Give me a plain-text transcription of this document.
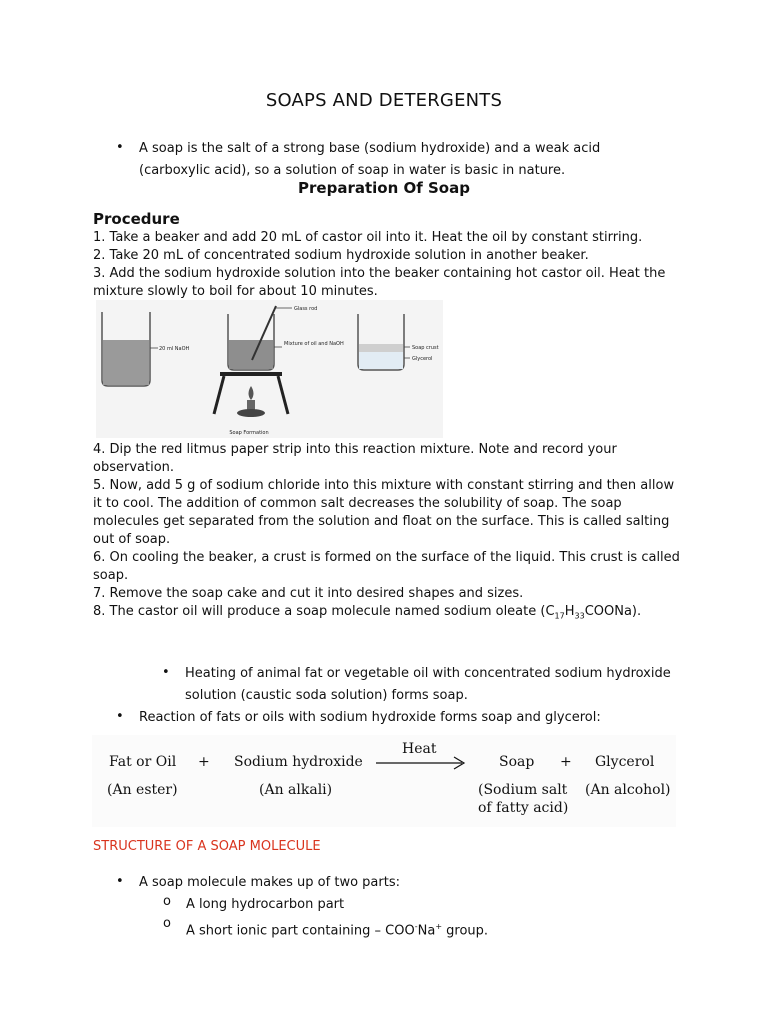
SOAPS AND DETERGENTS
• A soap is the salt of a strong base (sodium hydroxide) and a weak acid (carboxylic acid), so a solution of soap in water is basic in nature.
Preparation Of Soap
Procedure

1. Take a beaker and add 20 mL of castor oil into it. Heat the oil by constant stirring.

2. Take 20 mL of concentrated sodium hydroxide solution in another beaker.

3. Add the sodium hydroxide solution into the beaker containing hot castor oil. Heat the mixture slowly to boil for about 10 minutes.

20 ml NaOH
Glass rod
Mixture of oil and NaOH
Soap Formation
Soap crust
Glycerol

4. Dip the red litmus paper strip into this reaction mixture. Note and record your observation.

5. Now, add 5 g of sodium chloride into this mixture with constant stirring and then allow it to cool. The addition of common salt decreases the solubility of soap. The soap molecules get separated from the solution and float on the surface. This is called salting out of soap.

6. On cooling the beaker, a crust is formed on the surface of the liquid. This crust is called soap.

7. Remove the soap cake and cut it into desired shapes and sizes.

8. The castor oil will produce a soap molecule named sodium oleate $(C_{17}H_{33}COONa)$.

• Heating of animal fat or vegetable oil with concentrated sodium hydroxide solution (caustic soda solution) forms soap.
• Reaction of fats or oils with sodium hydroxide forms soap and glycerol:
Fat or Oil + Sodium hydroxide
Heat
Soap + Glycerol
(An ester)	(An alkali)	(Sodium salt
of fatty acid)
(An alcohol)
STRUCTURE OF A SOAP MOLECULE
• A soap molecule makes up of two parts:
o A long hydrocarbon part
o A short ionic part containing – COO-Na+ group.
